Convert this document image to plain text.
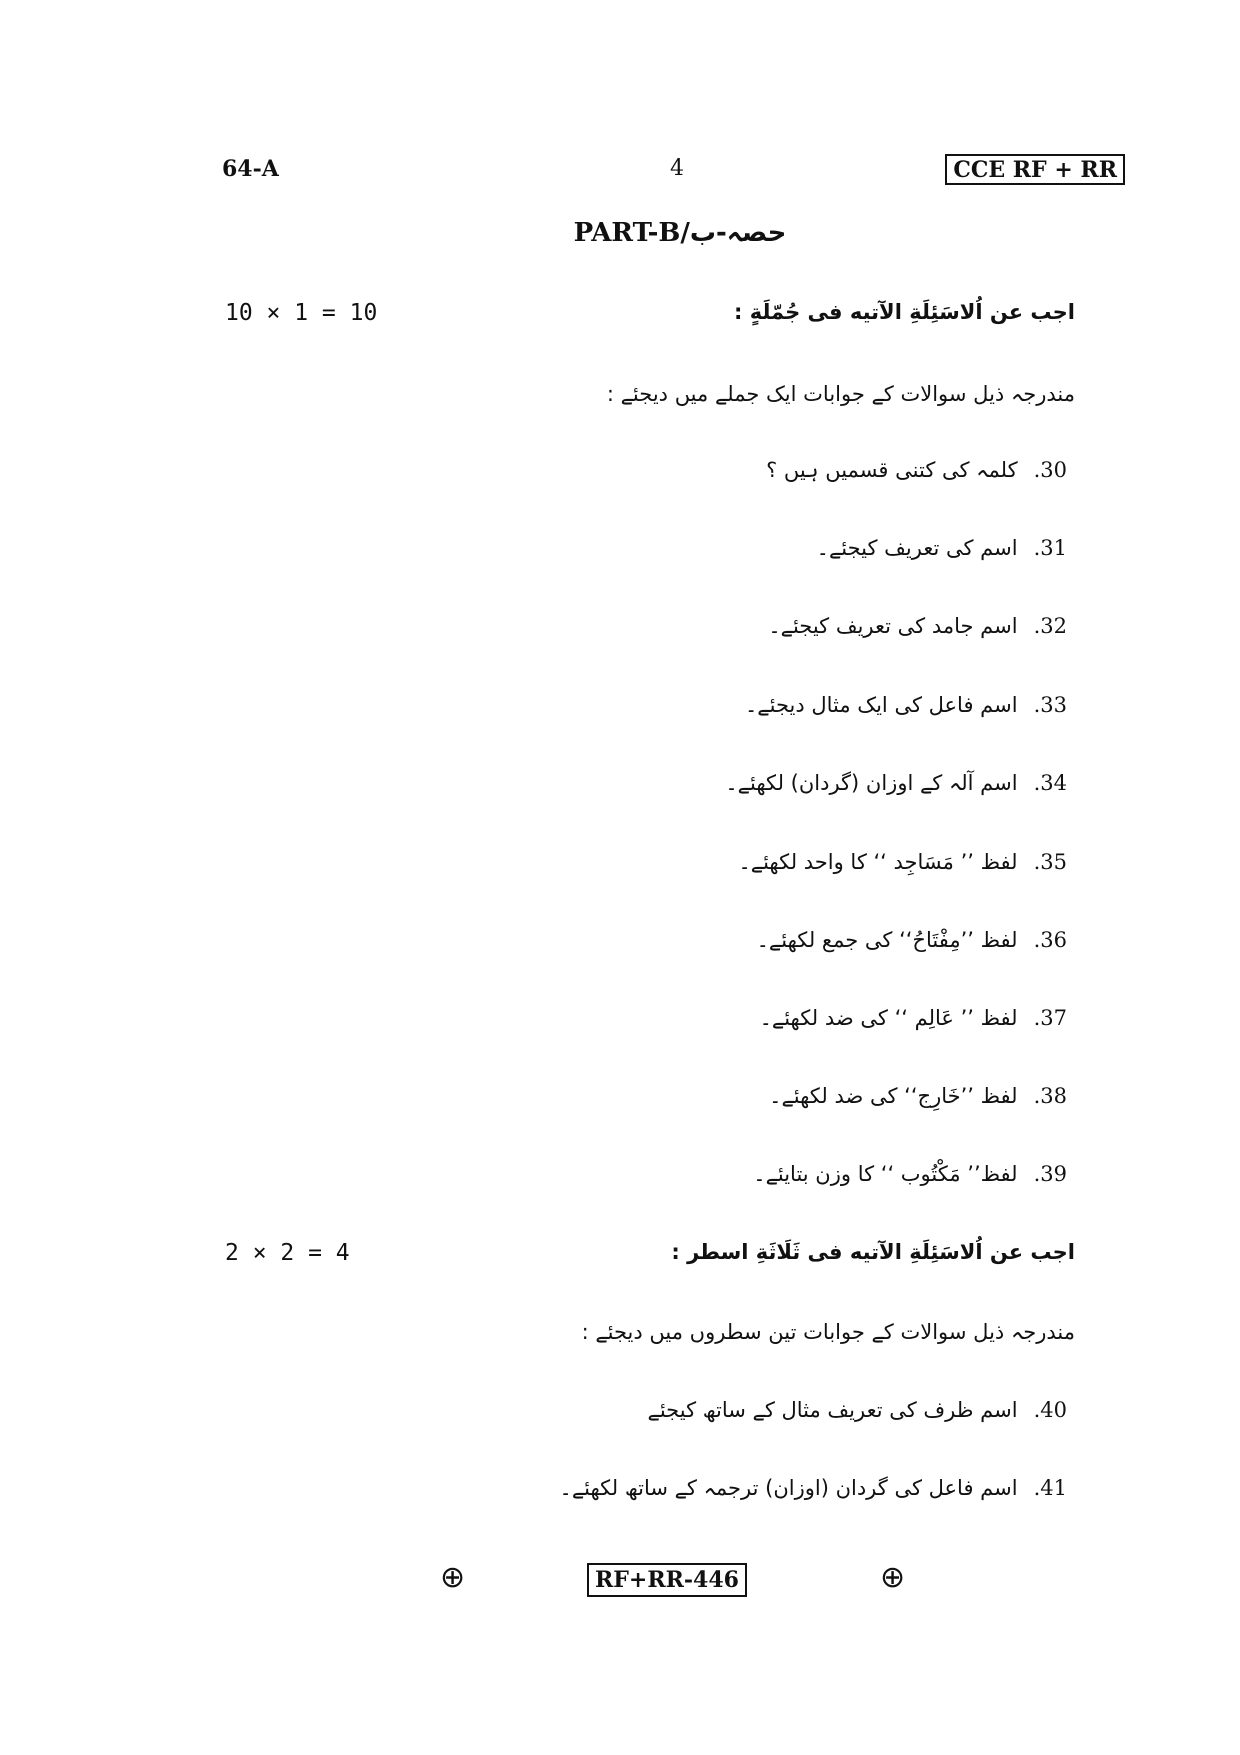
64-A	4	CCE RF + RR
PART-B/حصہ-ب
10 × 1 = 10	اجب عن اُلاسَئِلَةِ الآتیه فی جُمّلَةٍ :
مندرجہ ذیل سوالات کے جوابات ایک جملے میں دیجئے :
30.کلمہ کی کتنی قسمیں ہیں ؟
31.اسم کی تعریف کیجئے۔
32.اسم جامد کی تعریف کیجئے۔
33.اسم فاعل کی ایک مثال دیجئے۔
34.اسم آلہ کے اوزان (گردان) لکھئے۔
35.لفظ ’’ مَسَاجِد ‘‘ کا واحد لکھئے۔
36.لفظ ’’مِفْتَاحُ‘‘ کی جمع لکھئے۔
37.لفظ ’’ عَالِم ‘‘ کی ضد لکھئے۔
38.لفظ ’’خَارِج‘‘ کی ضد لکھئے۔
39.لفظ’’ مَکْتُوب ‘‘ کا وزن بتایئے۔
2 × 2 = 4	اجب عن اُلاسَئِلَةِ الآتیه فی ثَلَاثَةِ اسطر :
مندرجہ ذیل سوالات کے جوابات تین سطروں میں دیجئے :
40.اسم ظرف کی تعریف مثال کے ساتھ کیجئے
41.اسم فاعل کی گردان (اوزان) ترجمہ کے ساتھ لکھئے۔
⊕	RF+RR-446	⊕
